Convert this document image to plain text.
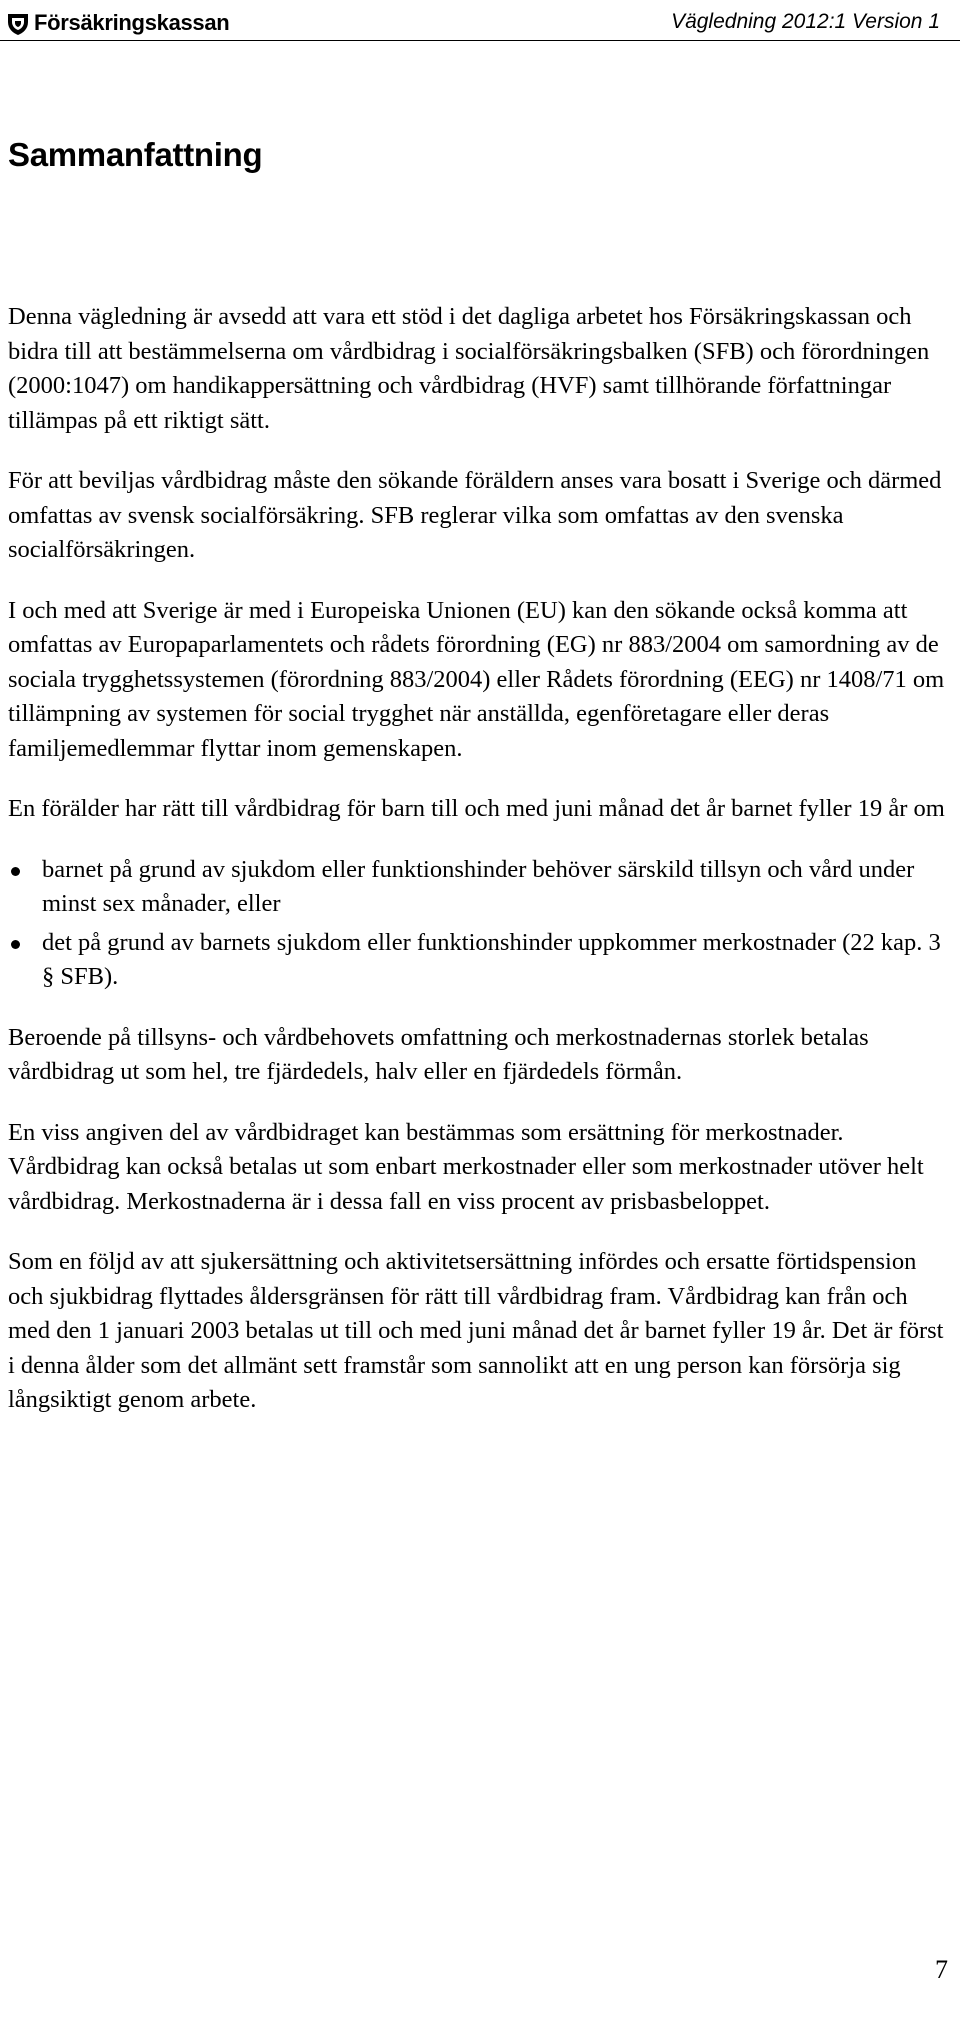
Försäkringskassan	Vägledning 2012:1 Version 1
Sammanfattning

Denna vägledning är avsedd att vara ett stöd i det dagliga arbetet hos Försäkringskassan och bidra till att bestämmelserna om vårdbidrag i socialförsäkringsbalken (SFB) och förordningen (2000:1047) om handikappersättning och vårdbidrag (HVF) samt tillhörande författningar tillämpas på ett riktigt sätt.

För att beviljas vårdbidrag måste den sökande föräldern anses vara bosatt i Sverige och därmed omfattas av svensk socialförsäkring. SFB reglerar vilka som omfattas av den svenska socialförsäkringen.

I och med att Sverige är med i Europeiska Unionen (EU) kan den sökande också komma att omfattas av Europaparlamentets och rådets förordning (EG) nr 883/2004 om samordning av de sociala trygghetssystemen (förordning 883/2004) eller Rådets förordning (EEG) nr 1408/71 om tillämpning av systemen för social trygghet när anställda, egenföretagare eller deras familjemedlemmar flyttar inom gemenskapen.

En förälder har rätt till vårdbidrag för barn till och med juni månad det år barnet fyller 19 år om

barnet på grund av sjukdom eller funktionshinder behöver särskild tillsyn och vård under minst sex månader, eller
det på grund av barnets sjukdom eller funktionshinder uppkommer merkostnader (22 kap. 3 § SFB).

Beroende på tillsyns- och vårdbehovets omfattning och merkostnadernas storlek betalas vårdbidrag ut som hel, tre fjärdedels, halv eller en fjärdedels förmån.

En viss angiven del av vårdbidraget kan bestämmas som ersättning för merkostnader. Vårdbidrag kan också betalas ut som enbart merkostnader eller som merkostnader utöver helt vårdbidrag. Merkostnaderna är i dessa fall en viss procent av prisbasbeloppet.

Som en följd av att sjukersättning och aktivitetsersättning infördes och ersatte förtidspension och sjukbidrag flyttades åldersgränsen för rätt till vårdbidrag fram. Vårdbidrag kan från och med den 1 januari 2003 betalas ut till och med juni månad det år barnet fyller 19 år. Det är först i denna ålder som det allmänt sett framstår som sannolikt att en ung person kan försörja sig långsiktigt genom arbete.

7
